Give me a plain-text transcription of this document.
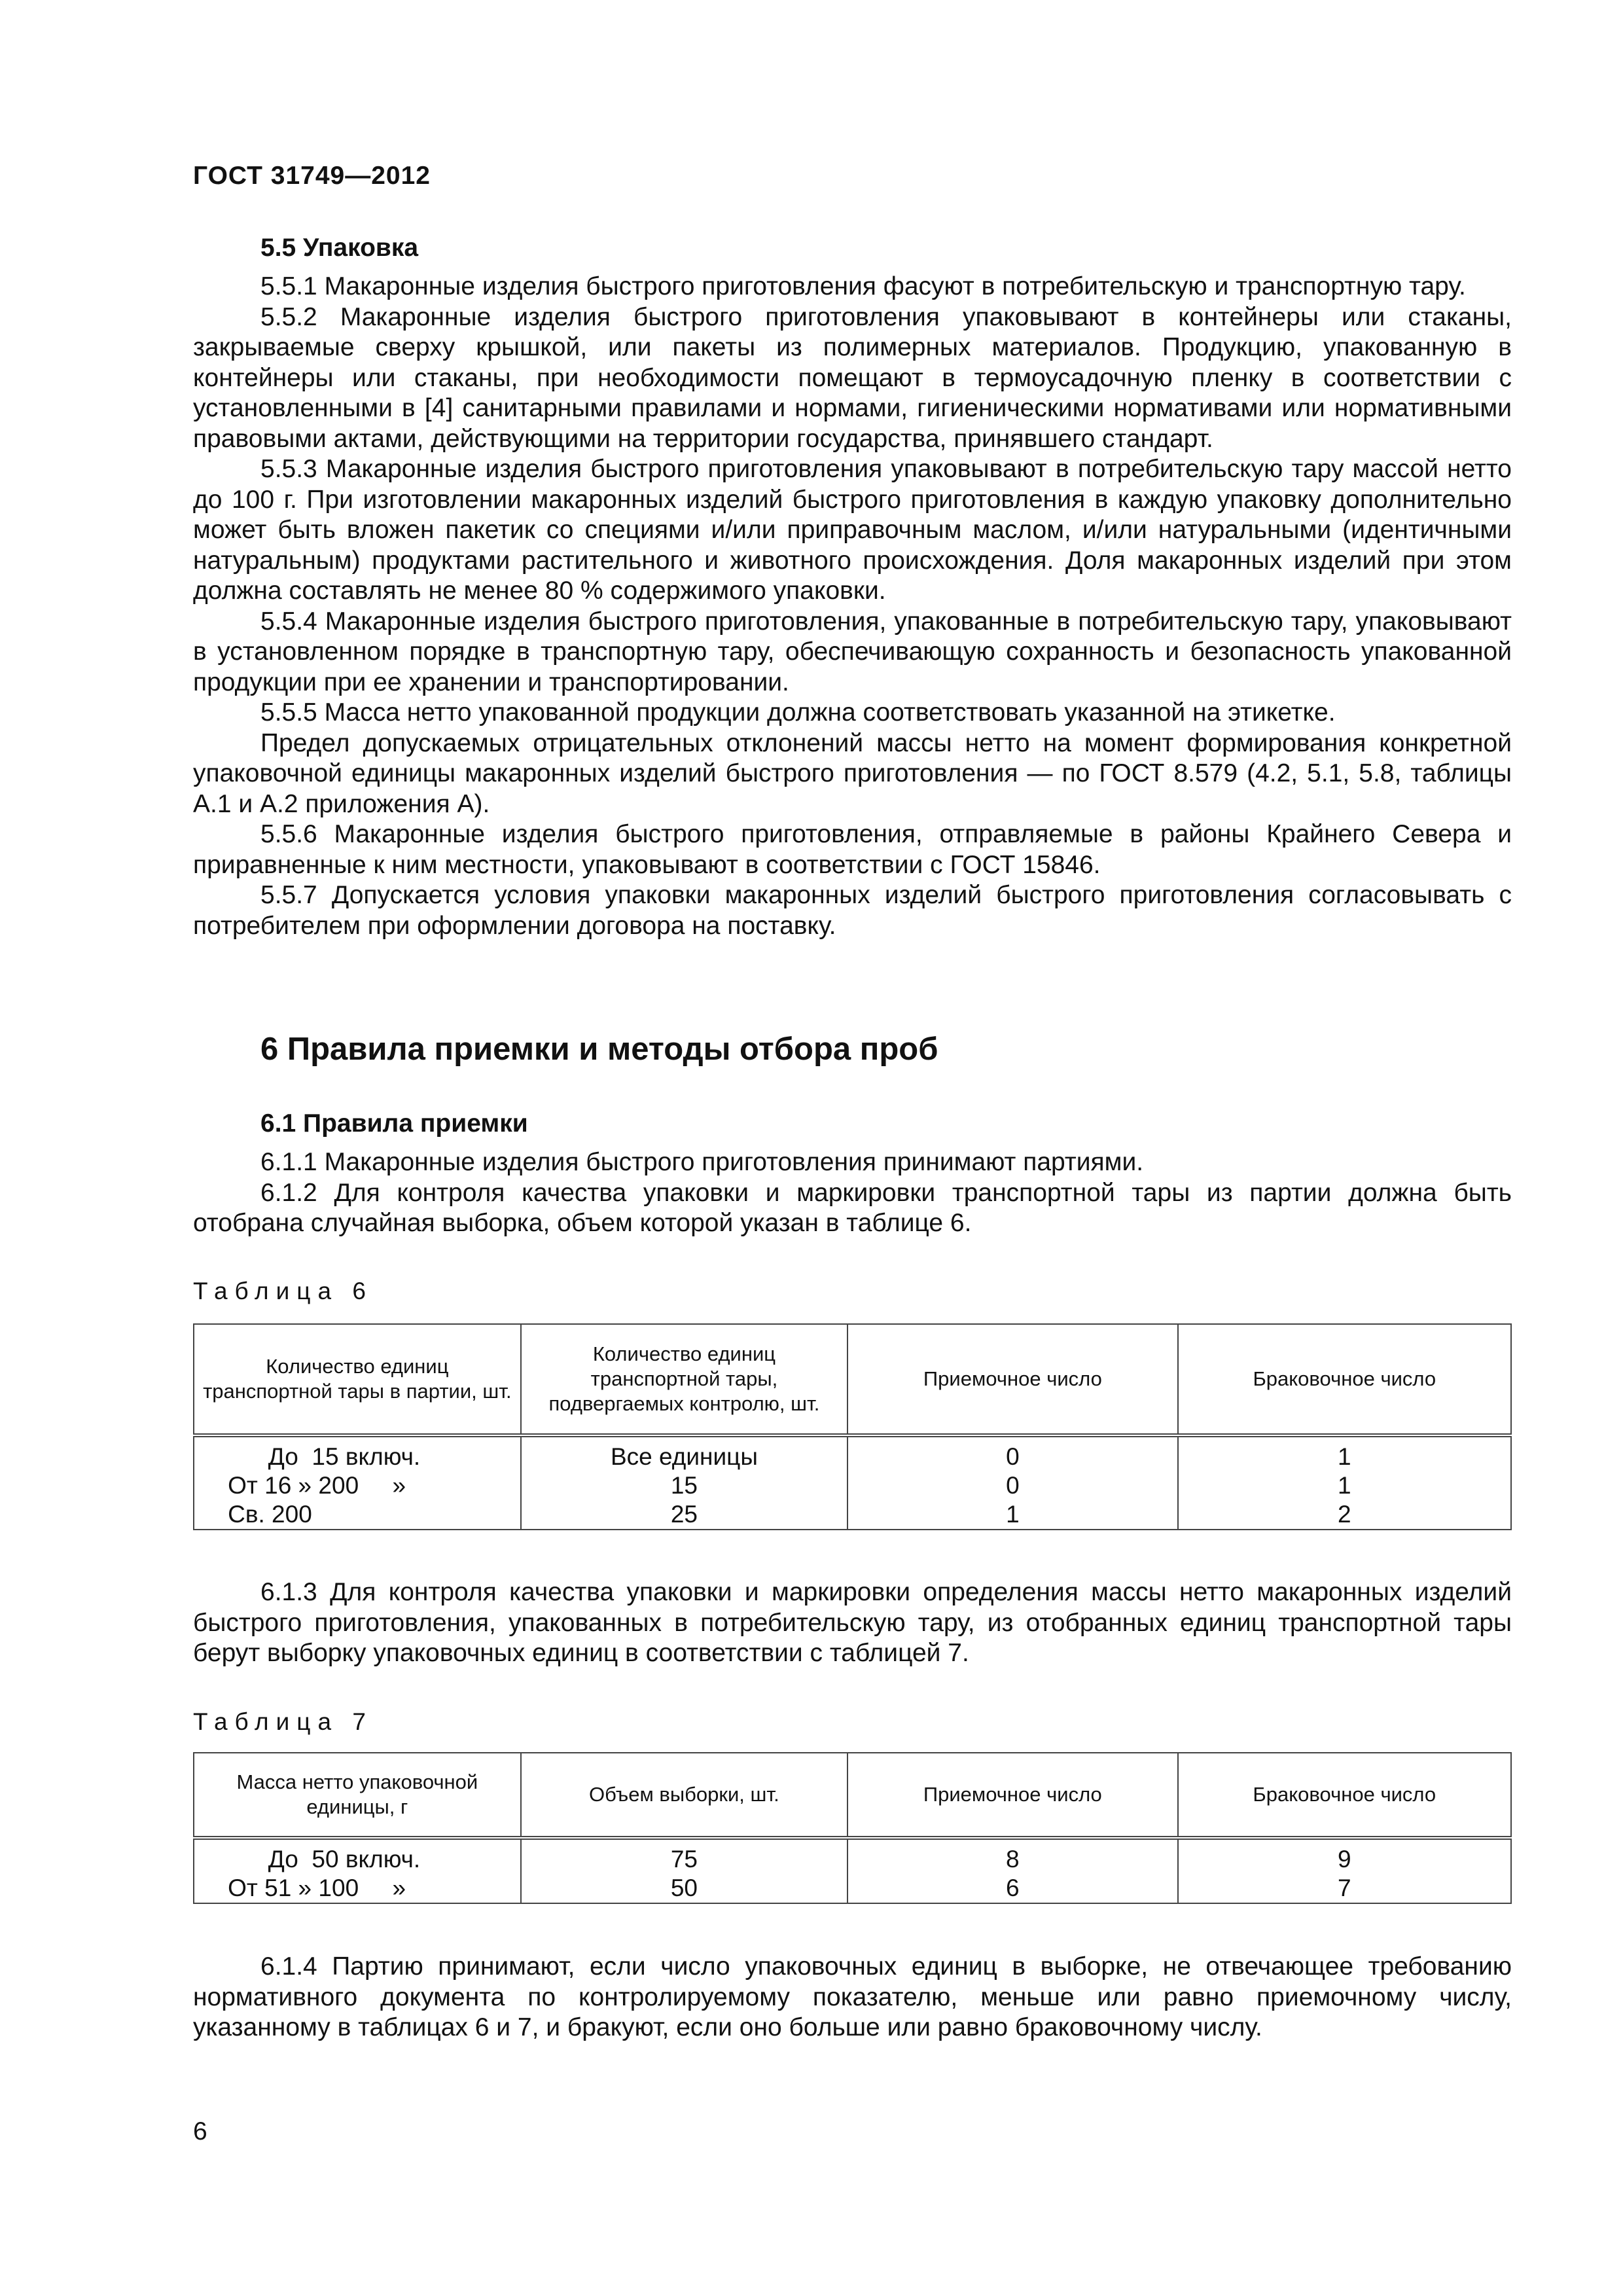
ГОСТ 31749—2012
5.5 Упаковка

5.5.1 Макаронные изделия быстрого приготовления фасуют в потребительскую и транспортную тару.

5.5.2 Макаронные изделия быстрого приготовления упаковывают в контейнеры или стаканы, закрываемые сверху крышкой, или пакеты из полимерных материалов. Продукцию, упакованную в контейнеры или стаканы, при необходимости помещают в термоусадочную пленку в соответствии с установленными в [4] санитарными правилами и нормами, гигиеническими нормативами или нормативными правовыми актами, действующими на территории государства, принявшего стандарт.

5.5.3 Макаронные изделия быстрого приготовления упаковывают в потребительскую тару массой нетто до 100 г. При изготовлении макаронных изделий быстрого приготовления в каждую упаковку дополнительно может быть вложен пакетик со специями и/или приправочным маслом, и/или натуральными (идентичными натуральным) продуктами растительного и животного происхождения. Доля макаронных изделий при этом должна составлять не менее 80 % содержимого упаковки.

5.5.4 Макаронные изделия быстрого приготовления, упакованные в потребительскую тару, упаковывают в установленном порядке в транспортную тару, обеспечивающую сохранность и безопасность упакованной продукции при ее хранении и транспортировании.

5.5.5 Масса нетто упакованной продукции должна соответствовать указанной на этикетке.

Предел допускаемых отрицательных отклонений массы нетто на момент формирования конкретной упаковочной единицы макаронных изделий быстрого приготовления — по ГОСТ 8.579 (4.2, 5.1, 5.8, таблицы А.1 и А.2 приложения А).

5.5.6 Макаронные изделия быстрого приготовления, отправляемые в районы Крайнего Севера и приравненные к ним местности, упаковывают в соответствии с ГОСТ 15846.

5.5.7 Допускается условия упаковки макаронных изделий быстрого приготовления согласовывать с потребителем при оформлении договора на поставку.

6 Правила приемки и методы отбора проб
6.1 Правила приемки

6.1.1 Макаронные изделия быстрого приготовления принимают партиями.

6.1.2 Для контроля качества упаковки и маркировки транспортной тары из партии должна быть отобрана случайная выборка, объем которой указан в таблице 6.

Таблица 6
Количество единиц транспортной тары в партии, шт.	Количество единиц транспортной тары, подвергаемых контролю, шт.	Приемочное число	Браковочное число
До  15 включ.	Все единицы	0	1
От 16 » 200     »	15	0	1
Св. 200	25	1	2

6.1.3 Для контроля качества упаковки и маркировки определения массы нетто макаронных изделий быстрого приготовления, упакованных в потребительскую тару, из отобранных единиц транспортной тары берут выборку упаковочных единиц в соответствии с таблицей 7.

Таблица 7
Масса нетто упаковочной единицы, г	Объем выборки, шт.	Приемочное число	Браковочное число
До  50 включ.	75	8	9
От 51 » 100     »	50	6	7

6.1.4 Партию принимают, если число упаковочных единиц в выборке, не отвечающее требованию нормативного документа по контролируемому показателю, меньше или равно приемочному числу, указанному в таблицах 6 и 7, и бракуют, если оно больше или равно браковочному числу.

6
